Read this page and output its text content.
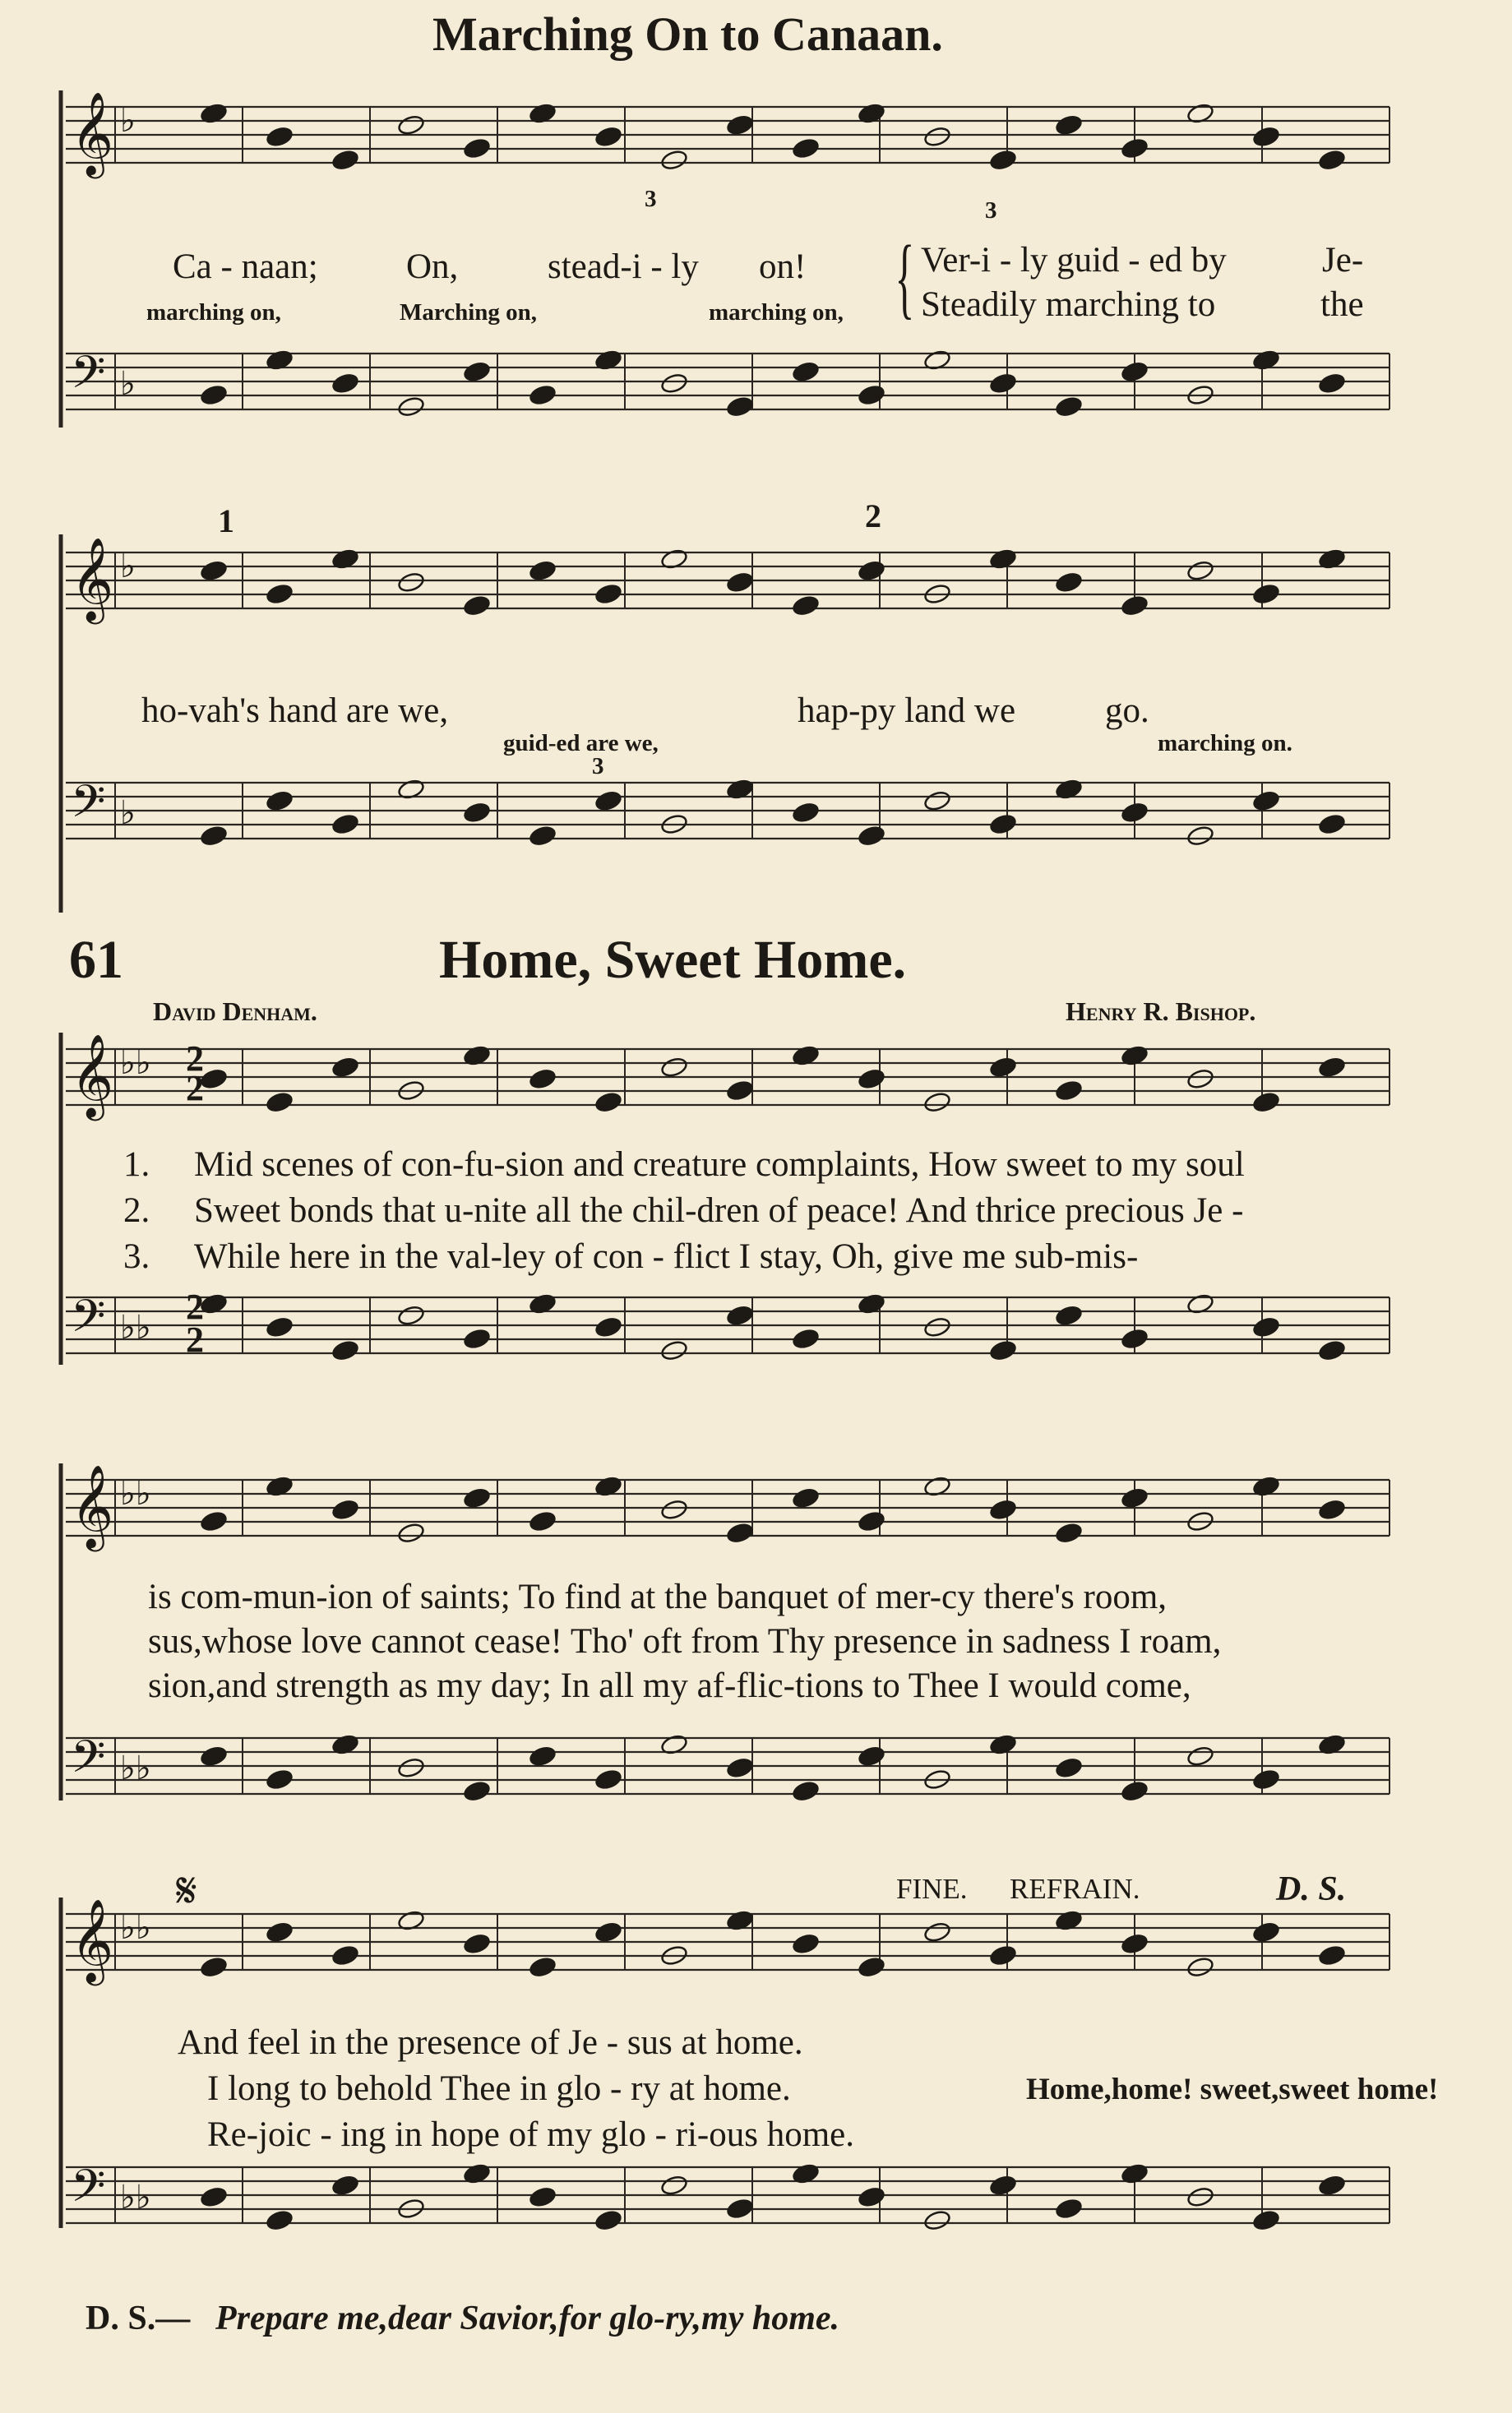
𝄞 ♭
𝄢 ♭
𝄞 ♭
𝄢 ♭
𝄞 ♭♭
𝄢 ♭♭
𝄞 ♭♭
𝄢 ♭♭
𝄞 ♭♭
𝄢 ♭♭
Marching On to Canaan.
Ca - naan; On,	stead-i - ly on! { Ver-i - ly guid - ed by	Je-
Steadily marching to	the
marching on,	Marching on,	marching on,
3	3
1	2
ho-vah's hand are we,	hap-py land we	go.
guid-ed are we,	marching on.
3
61	Home, Sweet Home.
David Denham.	Henry R. Bishop.
2
2
2
2
1. Mid scenes of con-fu-sion and creature complaints, How sweet to my soul
2. Sweet bonds that u-nite all the chil-dren of peace! And thrice precious Je -
3. While here in the val-ley of con - flict I stay, Oh, give me sub-mis-
is com-mun-ion of saints; To find at the banquet of mer-cy there's room,
sus,whose love cannot cease! Tho' oft from Thy presence in sadness I roam,
sion,and strength as my day; In all my af-flic-tions to Thee I would come,
𝄋	FINE. REFRAIN.	D. S.
And feel in the presence of Je - sus at home.
I long to behold Thee in glo - ry at home.	Home,home! sweet,sweet home!
Re-joic - ing in hope of my glo - ri-ous home.
D. S.— Prepare me,dear Savior,for glo-ry,my home.
